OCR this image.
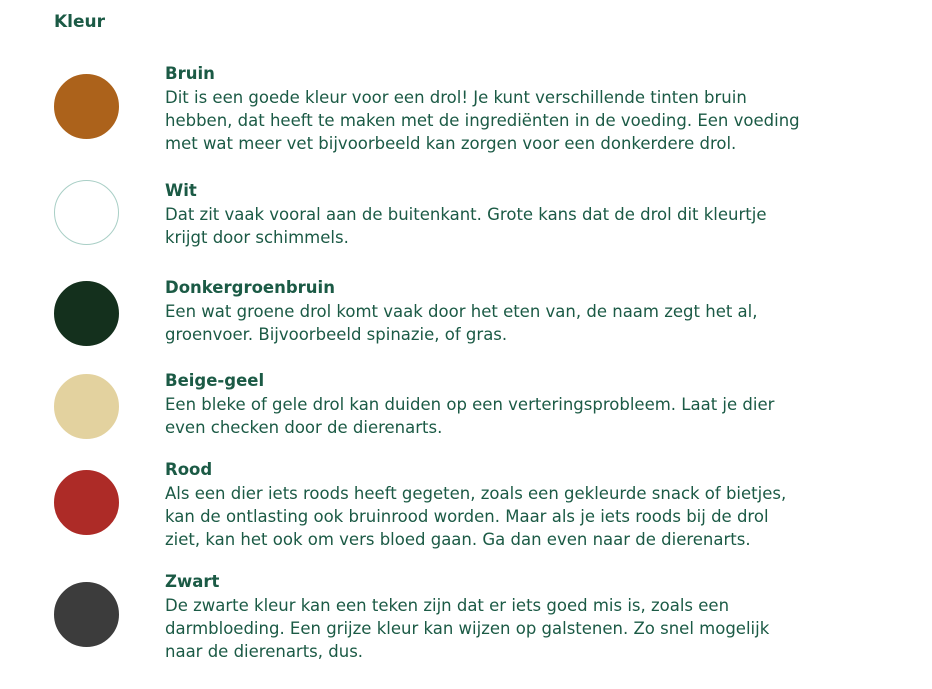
Kleur

Bruin

Dit is een goede kleur voor een drol! Je kunt verschillende tinten bruin
hebben, dat heeft te maken met de ingrediënten in de voeding. Een voeding
met wat meer vet bijvoorbeeld kan zorgen voor een donkerdere drol.

Wit

Dat zit vaak vooral aan de buitenkant. Grote kans dat de drol dit kleurtje
krijgt door schimmels.

Donkergroenbruin

Een wat groene drol komt vaak door het eten van, de naam zegt het al,
groenvoer. Bijvoorbeeld spinazie, of gras.

Beige-geel

Een bleke of gele drol kan duiden op een verteringsprobleem. Laat je dier
even checken door de dierenarts.

Rood

Als een dier iets roods heeft gegeten, zoals een gekleurde snack of bietjes,
kan de ontlasting ook bruinrood worden. Maar als je iets roods bij de drol
ziet, kan het ook om vers bloed gaan. Ga dan even naar de dierenarts.

Zwart

De zwarte kleur kan een teken zijn dat er iets goed mis is, zoals een
darmbloeding. Een grijze kleur kan wijzen op galstenen. Zo snel mogelijk
naar de dierenarts, dus.
